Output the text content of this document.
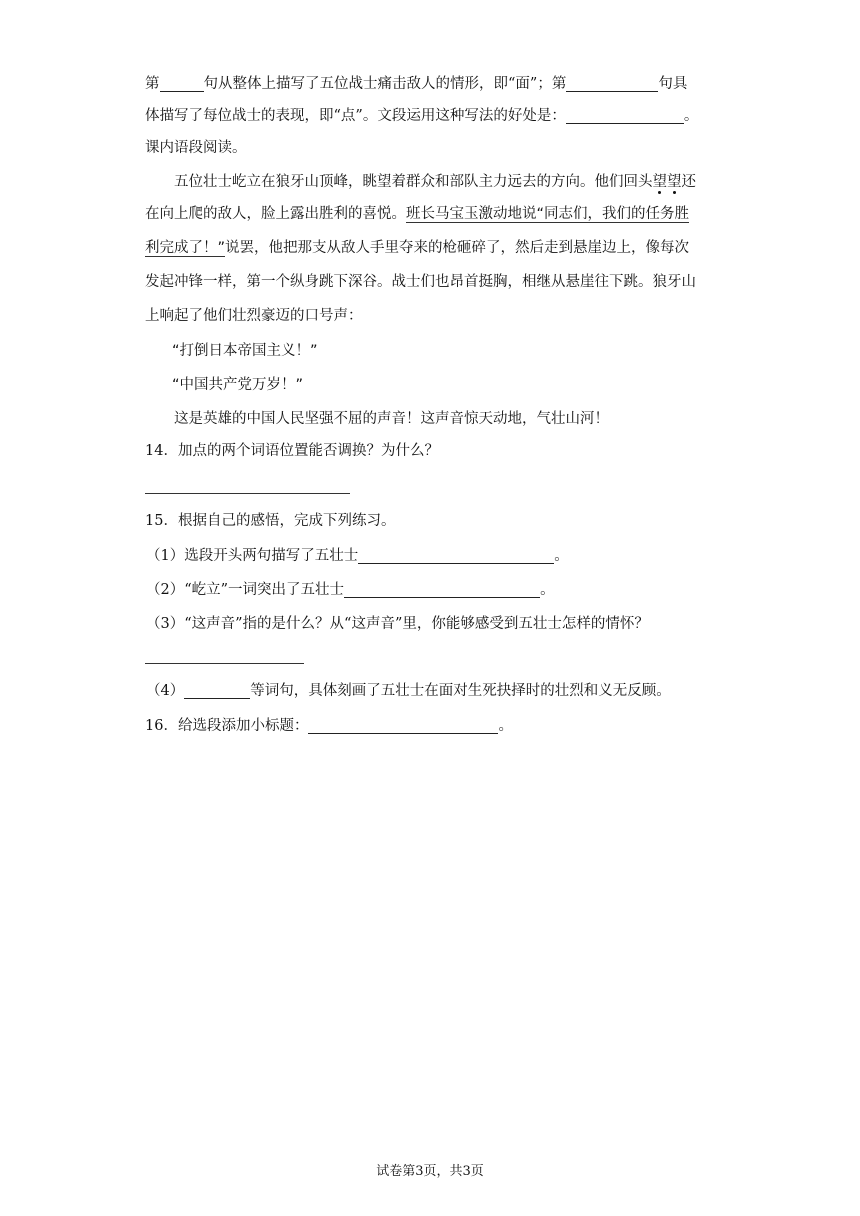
第	句从整体上描写了五位战士痛击敌人的情形，即“面”；第	句具
体描写了每位战士的表现，即“点”。文段运用这种写法的好处是：	。
课内语段阅读。
五位壮士屹立在狼牙山顶峰，眺望着群众和部队主力远去的方向。他们回头望望还
在向上爬的敌人，脸上露出胜利的喜悦。班长马宝玉激动地说“同志们，我们的任务胜
利完成了！”说罢，他把那支从敌人手里夺来的枪砸碎了，然后走到悬崖边上，像每次
发起冲锋一样，第一个纵身跳下深谷。战士们也昂首挺胸，相继从悬崖往下跳。狼牙山
上响起了他们壮烈豪迈的口号声：
“打倒日本帝国主义！”
“中国共产党万岁！”
这是英雄的中国人民坚强不屈的声音！这声音惊天动地，气壮山河！
14．加点的两个词语位置能否调换？为什么？
15．根据自己的感悟，完成下列练习。
（1）选段开头两句描写了五壮士	。
（2）“屹立”一词突出了五壮士	。
（3）“这声音”指的是什么？从“这声音”里，你能够感受到五壮士怎样的情怀？
（4）	等词句，具体刻画了五壮士在面对生死抉择时的壮烈和义无反顾。
16．给选段添加小标题：	。
试卷第3页，共3页
